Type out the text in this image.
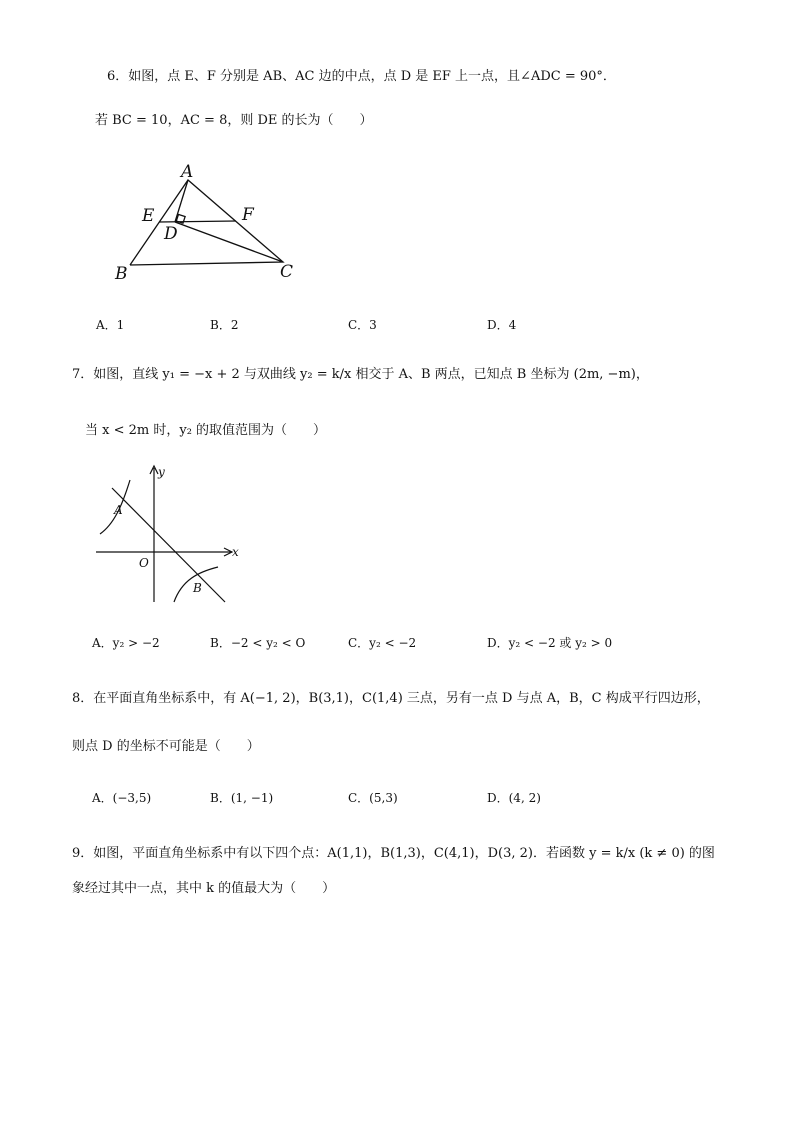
6．如图，点 E、F 分别是 AB、AC 边的中点，点 D 是 EF 上一点，且∠ADC = 90°．
若 BC = 10，AC = 8，则 DE 的长为（　　）
A
E	F
D
B	C
A．1	B．2	C．3	D．4
7．如图，直线 y₁ = −x + 2 与双曲线 y₂ = k/x 相交于 A、B 两点，已知点 B 坐标为 (2m, −m)，
当 x < 2m 时，y₂ 的取值范围为（　　）
y
x
O
A
B
A．y₂ > −2	B．−2 < y₂ < O	C．y₂ < −2	D．y₂ < −2 或 y₂ > 0
8．在平面直角坐标系中，有 A(−1, 2)，B(3,1)，C(1,4) 三点，另有一点 D 与点 A，B，C 构成平行四边形，
则点 D 的坐标不可能是（　　）
A．(−3,5)	B．(1, −1)	C．(5,3)	D．(4, 2)
9．如图，平面直角坐标系中有以下四个点：A(1,1)，B(1,3)，C(4,1)，D(3, 2)．若函数 y = k/x (k ≠ 0) 的图
象经过其中一点，其中 k 的值最大为（　　）
